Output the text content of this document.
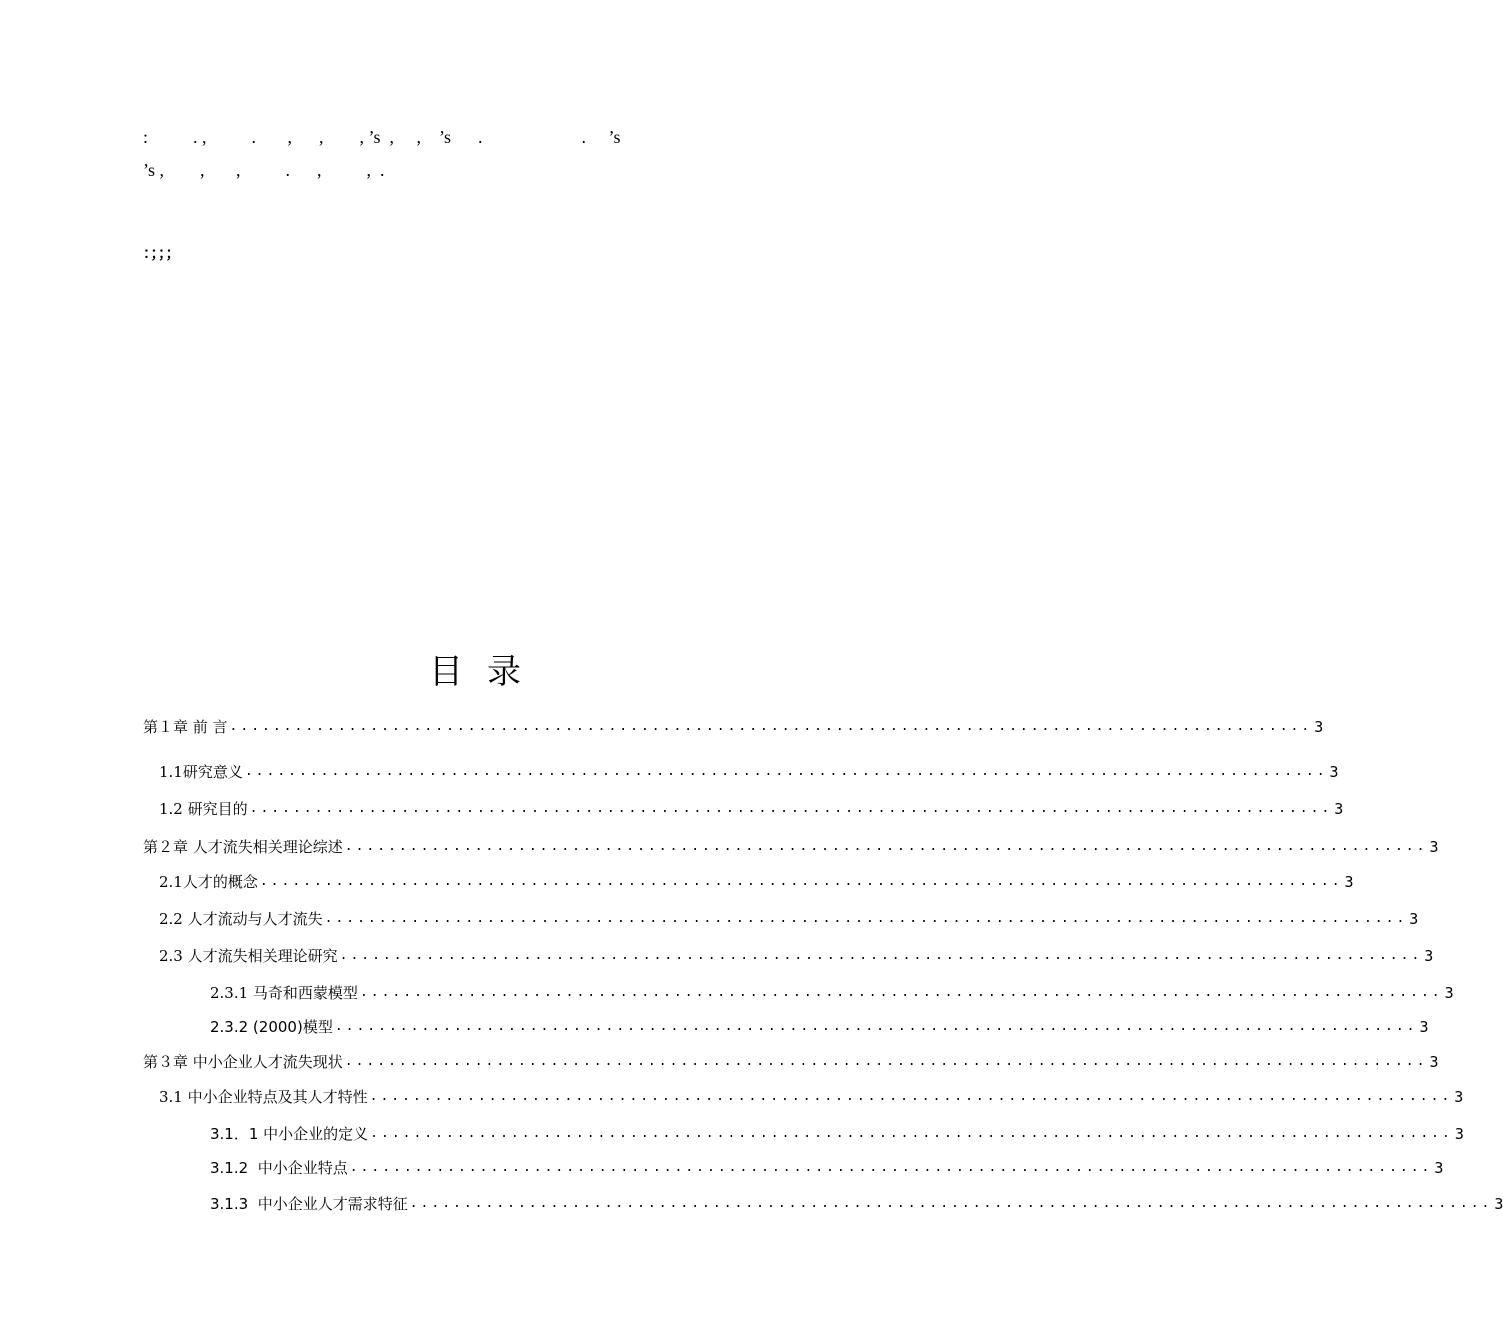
:          . ,          .       ,      ,        , ’s  ,     ,    ’s      .                      .     ’s
’s ,        ,       ,          .      ,          ,  .
：；；；
目录
第１章 前 言 .................................................................................................... 3
1.1研究意义 .................................................................................................... 3
1.2 研究目的 .................................................................................................... 3
第２章 人才流失相关理论综述 .................................................................................................... 3
2.1人才的概念 .................................................................................................... 3
2.2 人才流动与人才流失 .................................................................................................... 3
2.3 人才流失相关理论研究 .................................................................................................... 3
2.3.1 马奇和西蒙模型 .................................................................................................... 3
2.3.2 (2000)模型 .................................................................................................... 3
第３章 中小企业人才流失现状 .................................................................................................... 3
3.1 中小企业特点及其人才特性 .................................................................................................... 3
3.1．1 中小企业的定义 .................................................................................................... 3
3.1.2  中小企业特点 .................................................................................................... 3
3.1.3  中小企业人才需求特征 .................................................................................................... 3
